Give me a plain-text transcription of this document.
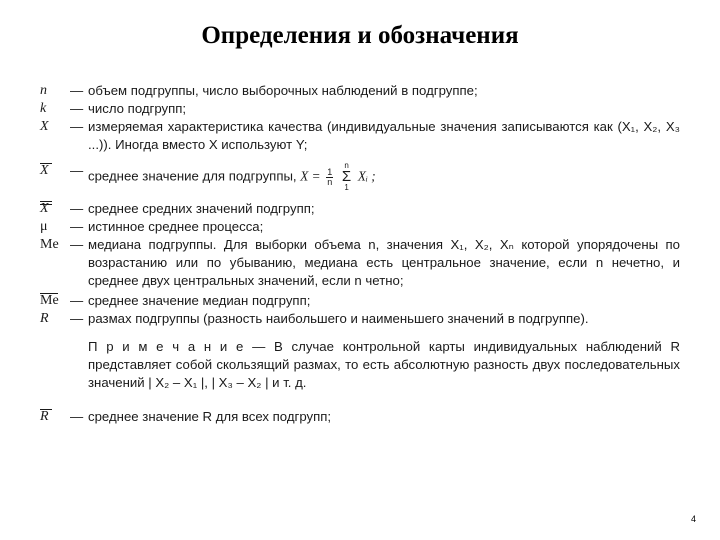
Определения и обозначения
n	— объем подгруппы, число выборочных наблюдений в подгруппе;
k	— число подгрупп;
X	— измеряемая характеристика качества (индивидуальные значения записываются как (X₁, X₂, X₃ ...)). Иногда вместо X используют Y;
X	— среднее значение для подгруппы, $X = \frac{1}{n}$ n
Σ
1 Xᵢ ;
X	— среднее средних значений подгрупп;
μ	— истинное среднее процесса;
Me — медиана подгруппы. Для выборки объема n, значения X₁, X₂, Xₙ которой упорядочены по возрастанию или по убыванию, медиана есть центральное значение, если n нечетно, и среднее двух центральных значений, если n четно;
Me — среднее значение медиан подгрупп;
R	— размах подгруппы (разность наибольшего и наименьшего значений в подгруппе).
П р и м е ч а н и е — В случае контрольной карты индивидуальных наблюдений R представляет собой скользящий размах, то есть абсолютную разность двух последовательных значений | X₂ – X₁ |, | X₃ – X₂ | и т. д.
R	— среднее значение R для всех подгрупп;
4
